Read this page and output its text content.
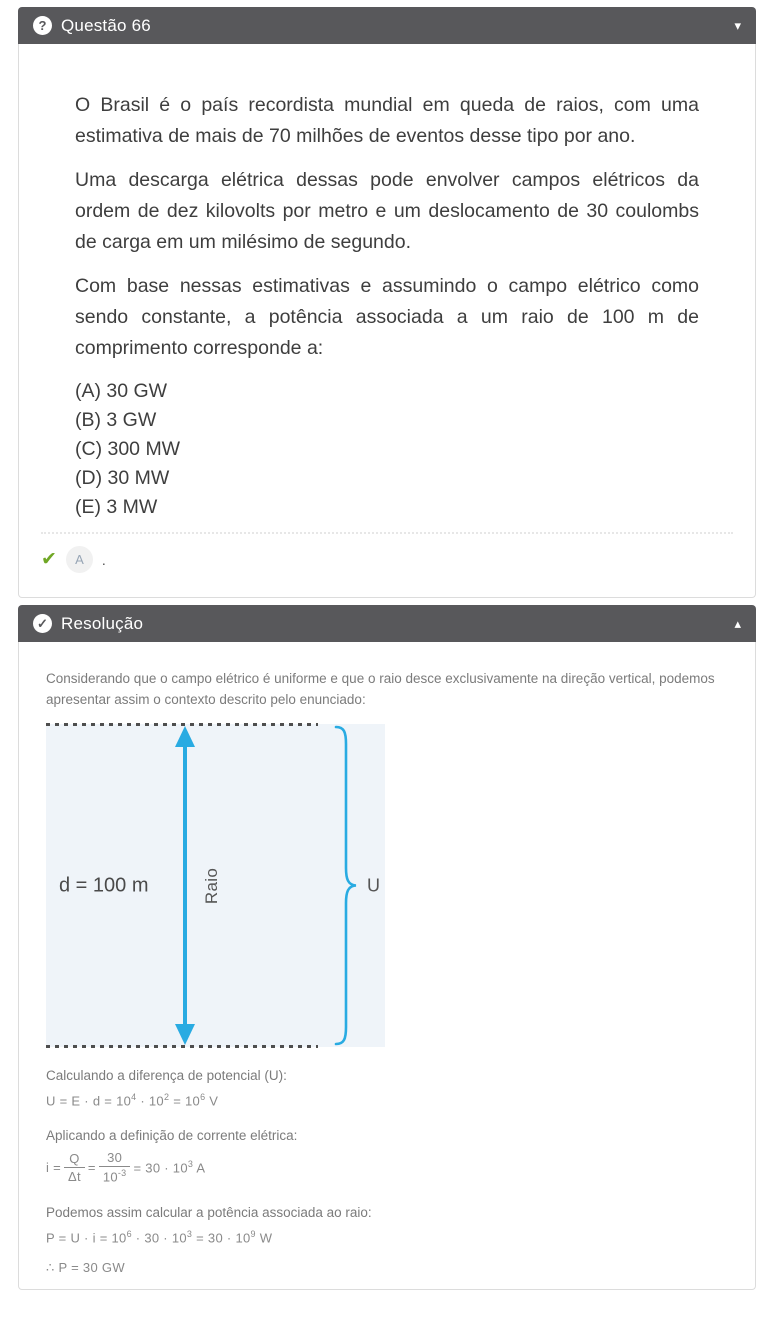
? Questão 66	▾

O Brasil é o país recordista mundial em queda de raios, com uma estimativa de mais de 70 milhões de eventos desse tipo por ano.

Uma descarga elétrica dessas pode envolver campos elétricos da ordem de dez kilovolts por metro e um deslocamento de 30 coulombs de carga em um milésimo de segundo.

Com base nessas estimativas e assumindo o campo elétrico como sendo constante, a potência associada a um raio de 100 m de comprimento corresponde a:

(A) 30 GW
(B) 3 GW
(C) 300 MW
(D) 30 MW
(E) 3 MW
✔	A	.
✓ Resolução	▴

Considerando que o campo elétrico é uniforme e que o raio desce exclusivamente na direção vertical, podemos apresentar assim o contexto descrito pelo enunciado:

Raio
d = 100 m	U

Calculando a diferença de potencial (U):

$U = E \cdot d = 10^4 \cdot 10^2 = 10^6$ V

Aplicando a definição de corrente elétrica:

$i = \frac{Q}{\Delta t} = \frac{30}{10^{-3}} = 30 \cdot 10^3$ A

Podemos assim calcular a potência associada ao raio:

$P = U \cdot i = 10^6 \cdot 30 \cdot 10^3 = 30 \cdot 10^9$ W

∴ P = 30 GW
